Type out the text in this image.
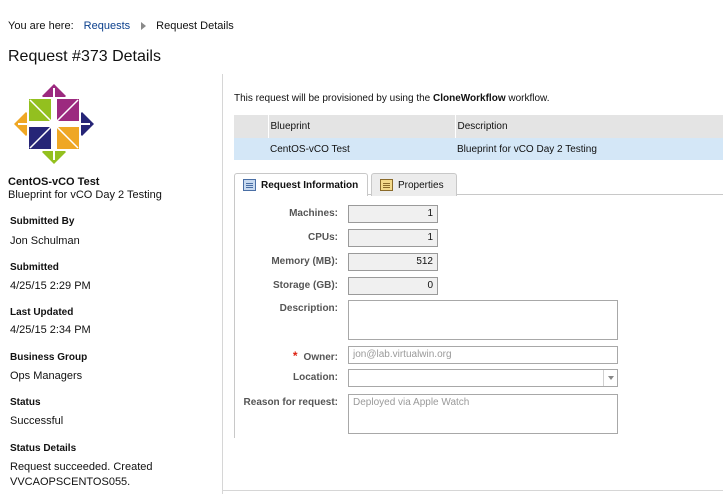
You are here: Requests Request Details
Request #373 Details
CentOS-vCO Test
Blueprint for vCO Day 2 Testing
Submitted By
Jon Schulman
Submitted
4/25/15 2:29 PM
Last Updated
4/25/15 2:34 PM
Business Group
Ops Managers
Status
Successful
Status Details
Request succeeded. Created
VVCAOPSCENTOS055.
This request will be provisioned by using the CloneWorkflow workflow.
	Blueprint	Description
	CentOS-vCO Test	Blueprint for vCO Day 2 Testing
Request Information	Properties
Machines:	1
CPUs:	1
Memory (MB):	512
Storage (GB):	0
Description:
* Owner:	jon@lab.virtualwin.org
Location:
Reason for request:	Deployed via Apple Watch
